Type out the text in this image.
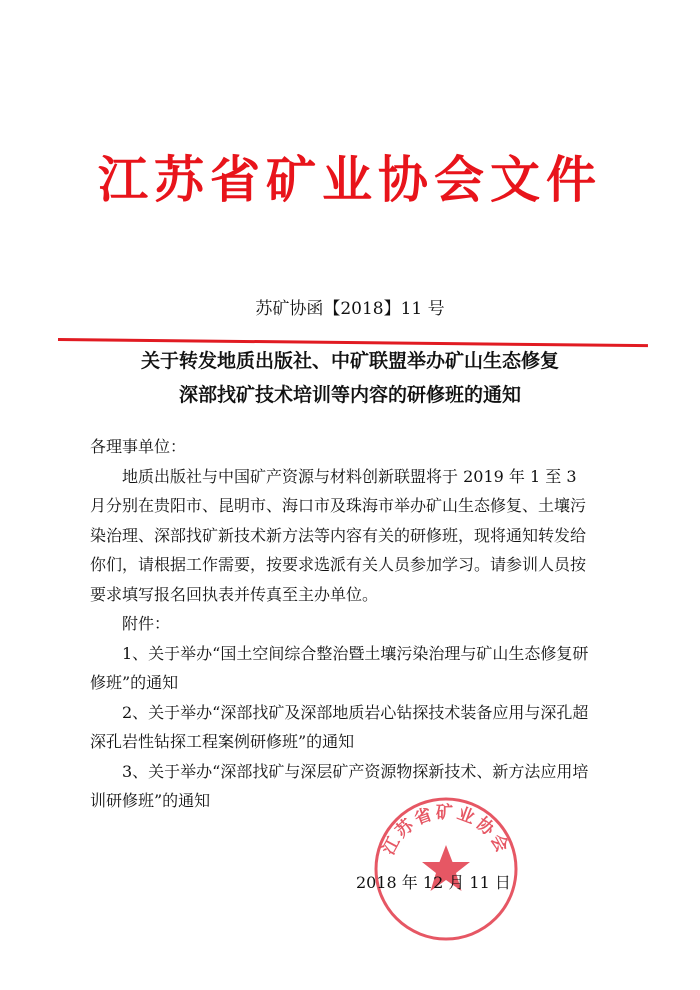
江苏省矿业协会文件
苏矿协函【2018】11 号
关于转发地质出版社、中矿联盟举办矿山生态修复
深部找矿技术培训等内容的研修班的通知

各理事单位：

地质出版社与中国矿产资源与材料创新联盟将于 2019 年 1 至 3 月分别在贵阳市、昆明市、海口市及珠海市举办矿山生态修复、土壤污染治理、深部找矿新技术新方法等内容有关的研修班，现将通知转发给你们，请根据工作需要，按要求选派有关人员参加学习。请参训人员按要求填写报名回执表并传真至主办单位。

附件：

1、关于举办“国土空间综合整治暨土壤污染治理与矿山生态修复研修班”的通知

2、关于举办“深部找矿及深部地质岩心钻探技术装备应用与深孔超深孔岩性钻探工程案例研修班”的通知

3、关于举办“深部找矿与深层矿产资源物探新技术、新方法应用培训研修班”的通知

江苏省矿业协会
2018 年 12 月 11 日
